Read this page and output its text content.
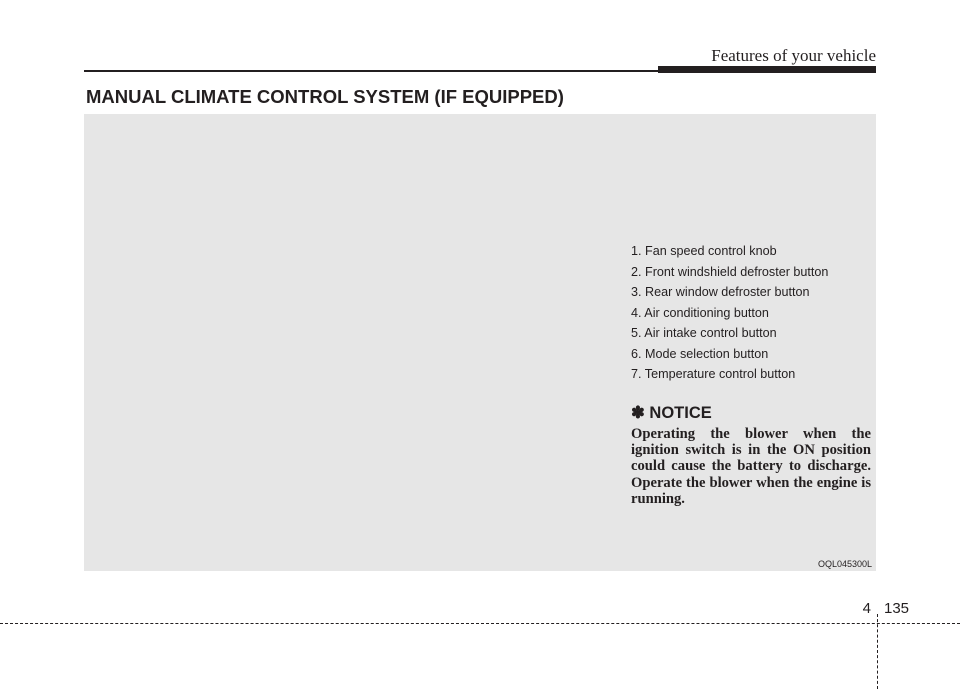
Features of your vehicle
MANUAL CLIMATE CONTROL SYSTEM (IF EQUIPPED)
1. Fan speed control knob
2. Front windshield defroster button
3. Rear window defroster button
4. Air conditioning button
5. Air intake control button
6. Mode selection button
7. Temperature control button
✽ NOTICE

Operating the blower when the ignition switch is in the ON position could cause the battery to discharge. Operate the blower when the engine is running.

OQL045300L
4 135
